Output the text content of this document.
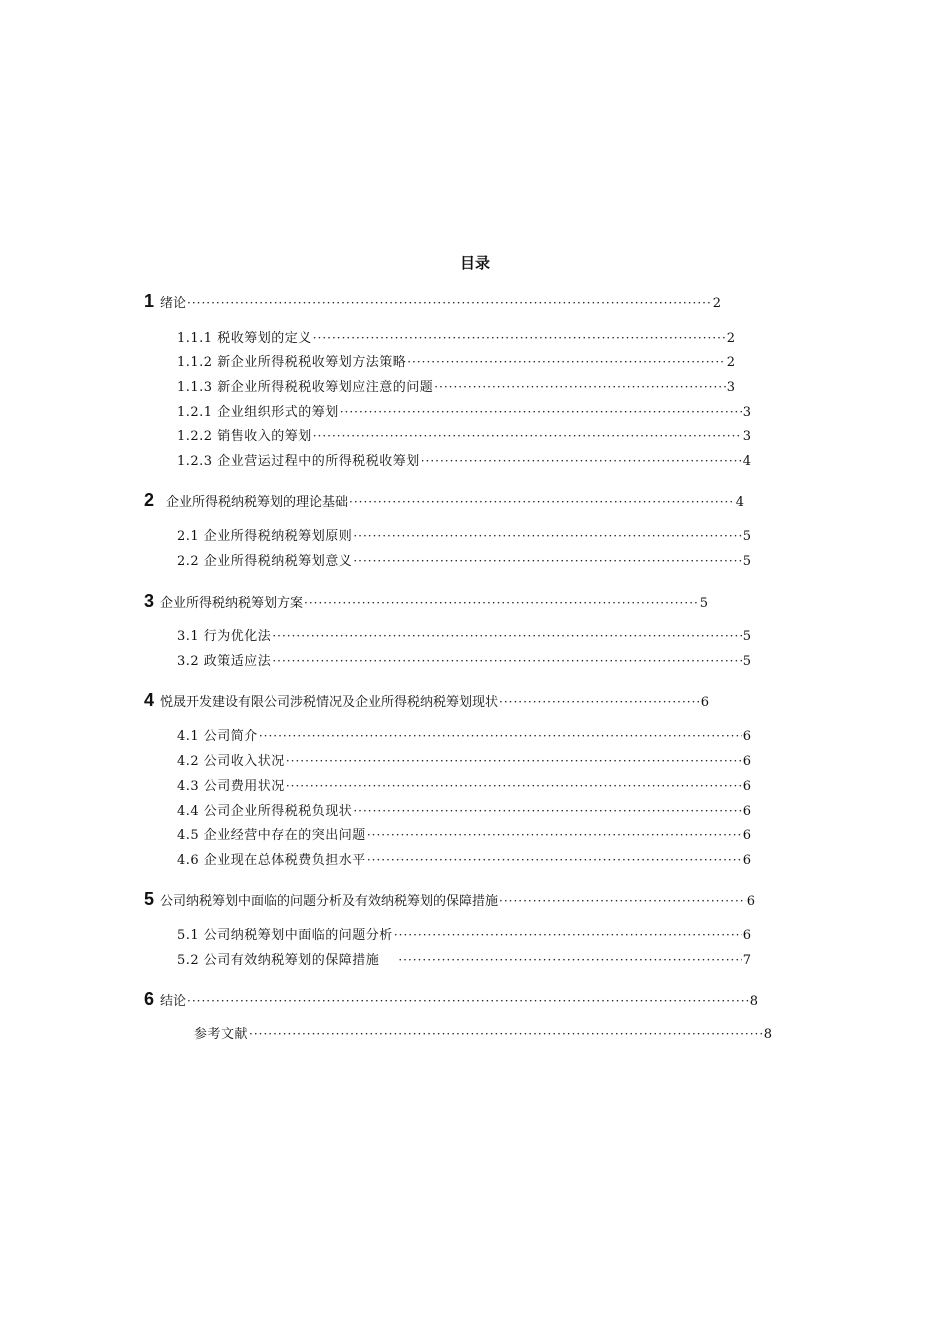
目录
1 绪论 ·····	2
1.1.1 税收筹划的定义 ·····	2
1.1.2 新企业所得税税收筹划方法策略 ·····	2
1.1.3 新企业所得税税收筹划应注意的问题 ·····	3
1.2.1 企业组织形式的筹划 ·····	3
1.2.2 销售收入的筹划 ·····	3
1.2.3 企业营运过程中的所得税税收筹划 ·····	4
2 企业所得税纳税筹划的理论基础 ·····	4
2.1 企业所得税纳税筹划原则 ·····	5
2.2 企业所得税纳税筹划意义 ·····	5
3 企业所得税纳税筹划方案 ·····	5
3.1 行为优化法 ·····	5
3.2 政策适应法 ·····	5
4 悦晟开发建设有限公司涉税情况及企业所得税纳税筹划现状 ·····	6
4.1 公司简介 ·····	6
4.2 公司收入状况 ·····	6
4.3 公司费用状况 ·····	6
4.4 公司企业所得税税负现状 ·····	6
4.5 企业经营中存在的突出问题 ·····	6
4.6 企业现在总体税费负担水平 ·····	6
5 公司纳税筹划中面临的问题分析及有效纳税筹划的保障措施 ·····	6
5.1 公司纳税筹划中面临的问题分析 ·····	6
5.2 公司有效纳税筹划的保障措施 ·····	7
6 结论 ·····	8
参考文献 ·····	8
